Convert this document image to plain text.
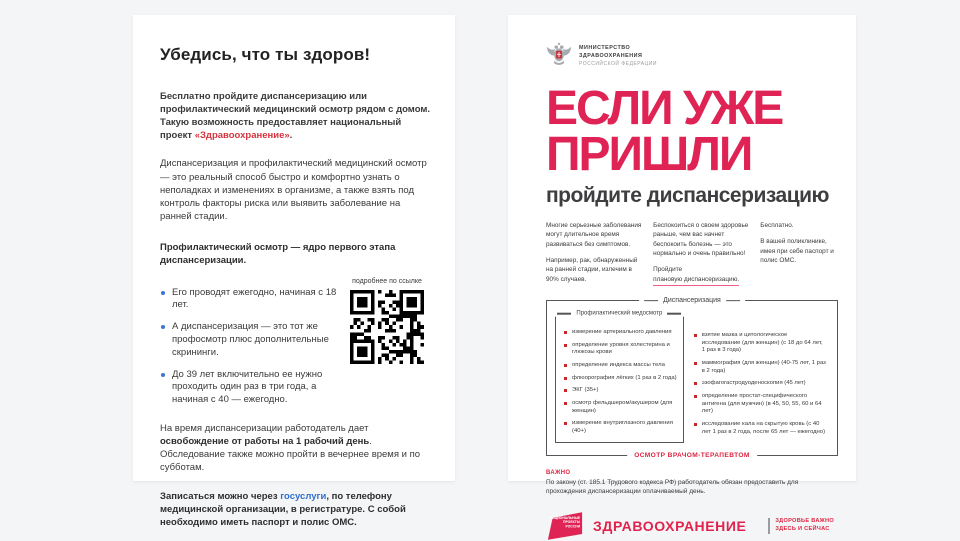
Убедись, что ты здоров!

Бесплатно пройдите диспансеризацию или профилактический медицинский осмотр рядом с домом. Такую возможность предоставляет национальный проект «Здравоохранение».

Диспансеризация и профилактический медицинский осмотр — это реальный способ быстро и комфортно узнать о неполадках и изменениях в организме, а также взять под контроль факторы риска или выявить заболевание на ранней стадии.

Профилактический осмотр — ядро первого этапа диспансеризации.

Его проводят ежегодно, начиная с 18 лет.
А диспансеризация — это тот же профосмотр плюс дополнительные скрининги.
До 39 лет включительно ее нужно проходить один раз в три года, а начиная с 40 — ежегодно.
подробнее по ссылке

На время диспансеризации работодатель дает освобождение от работы на 1 рабочий день. Обследование также можно пройти в вечернее время и по субботам.

Записаться можно через госуслуги, по телефону медицинской организации, в регистратуре. С собой необходимо иметь паспорт и полис ОМС.

МИНИСТЕРСТВО
ЗДРАВООХРАНЕНИЯ
РОССИЙСКОЙ ФЕДЕРАЦИИ
ЕСЛИ УЖЕ
ПРИШЛИ
пройдите диспансеризацию
Многие серьезные заболевания могут длительное время развиваться без симптомов.
Например, рак, обнаруженный на ранней стадии, излечим в 90% случаев.
Беспокоиться о своем здоровье раньше, чем вас начнет беспокоить болезнь — это нормально и очень правильно!
Пройдите
плановую диспансеризацию.
Бесплатно.
В вашей поликлинике, имея при себе паспорт и полис ОМС.
Диспансеризация
Профилактический медосмотр
измерение артериального давления
определение уровня холестерина и глюкозы крови
определение индекса массы тела
флюорография лёгких (1 раз в 2 года)
ЭКГ (35+)
осмотр фельдшером/акушером (для женщин)
измерение внутриглазного давления (40+)
взятие мазка и цитологическое исследование (для женщин) (с 18 до 64 лет, 1 раз в 3 года)
маммография (для женщин) (40-75 лет, 1 раз в 2 года)
эзофагогастродуоденоскопия (45 лет)
определение простат-специфического антигена (для мужчин) (в 45, 50, 55, 60 и 64 лет)
исследование кала на скрытую кровь (с 40 лет 1 раз в 2 года, после 65 лет — ежегодно)
ОСМОТР ВРАЧОМ-ТЕРАПЕВТОМ
ВАЖНО
По закону (ст. 185.1 Трудового кодекса РФ) работодатель обязан предоставить для прохождения диспансеризации оплачиваемый день.
НАЦИОНАЛЬНЫЕ
ПРОЕКТЫ
РОССИИ ЗДРАВООХРАНЕНИЕ	ЗДОРОВЬЕ ВАЖНО
ЗДЕСЬ И СЕЙЧАС
